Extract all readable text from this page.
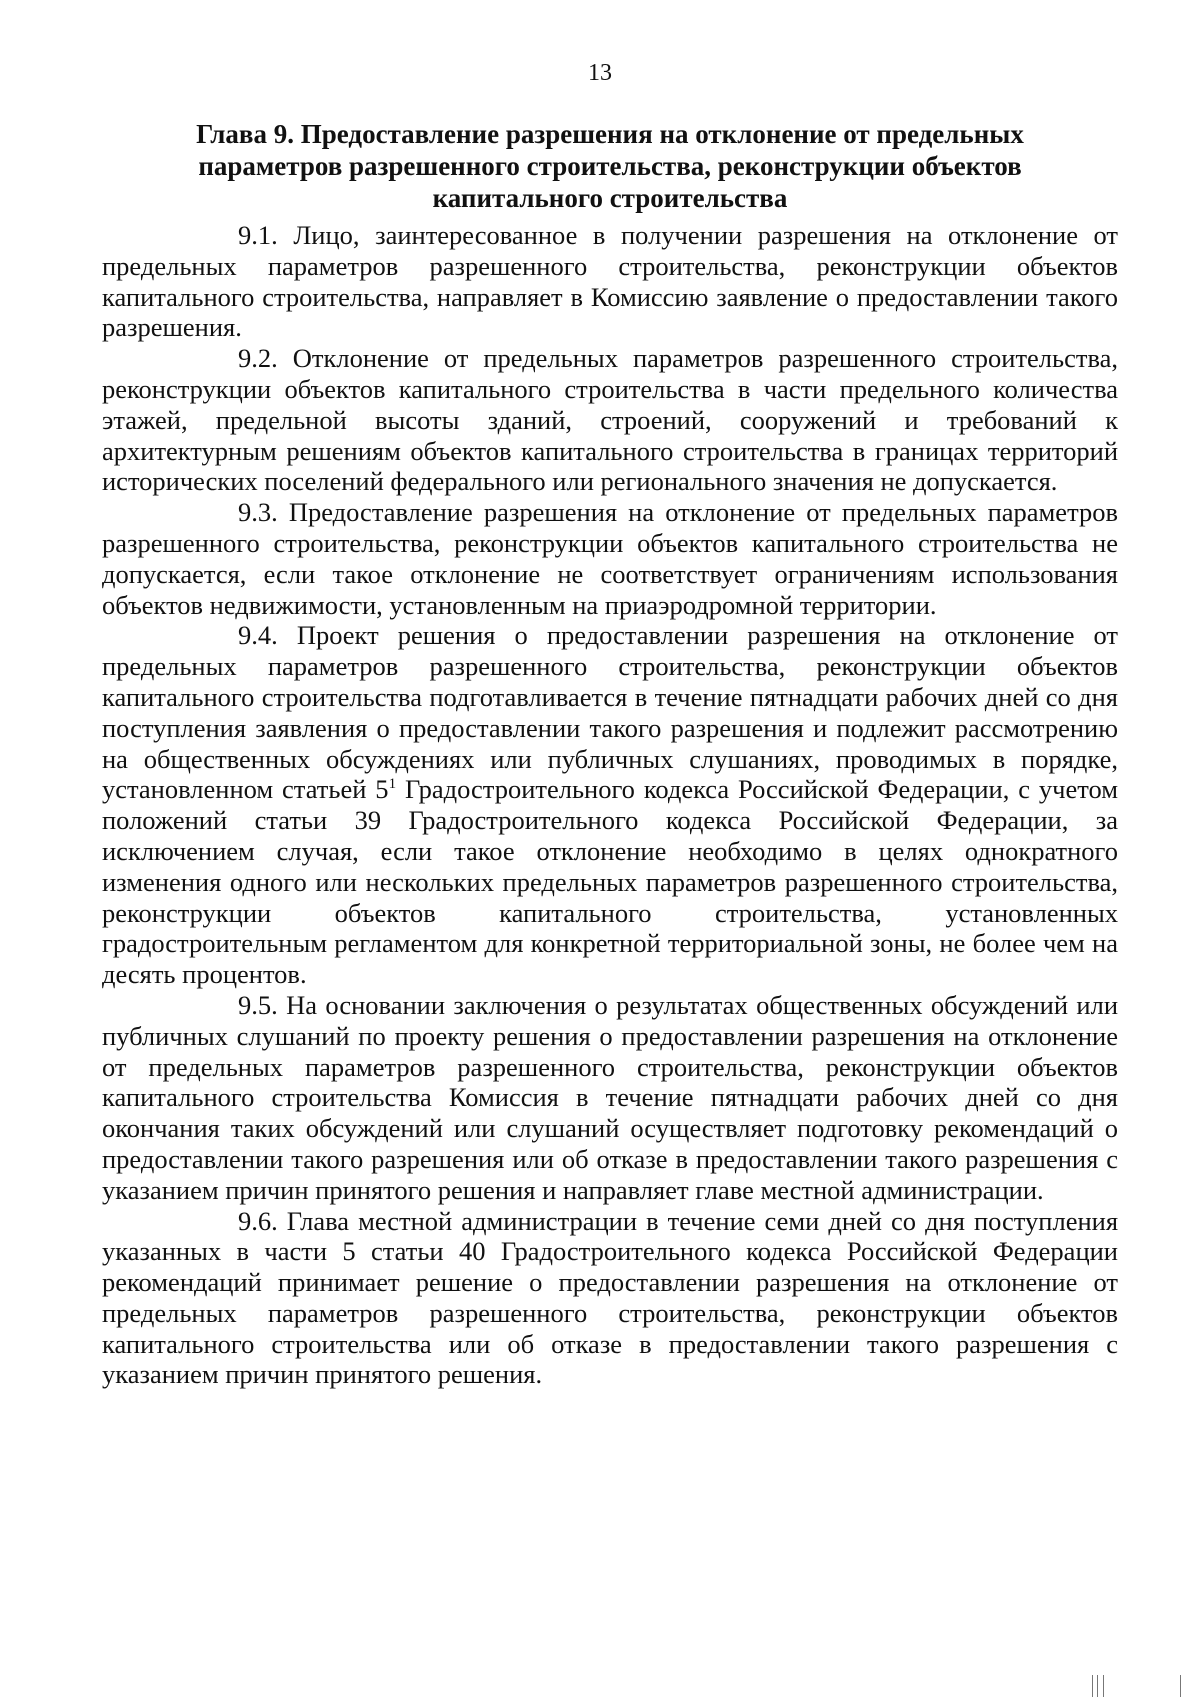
13
Глава 9. Предоставление разрешения на отклонение от предельных
параметров разрешенного строительства, реконструкции объектов
капитального строительства

9.1. Лицо, заинтересованное в получении разрешения на отклонение от предельных параметров разрешенного строительства, реконструкции объектов капитального строительства, направляет в Комиссию заявление о предоставлении такого разрешения.

9.2. Отклонение от предельных параметров разрешенного строительства, реконструкции объектов капитального строительства в части предельного количества этажей, предельной высоты зданий, строений, сооружений и требований к архитектурным решениям объектов капитального строительства в границах территорий исторических поселений федерального или регионального значения не допускается.

9.3. Предоставление разрешения на отклонение от предельных параметров разрешенного строительства, реконструкции объектов капитального строительства не допускается, если такое отклонение не соответствует ограничениям использования объектов недвижимости, установленным на приаэродромной территории.

9.4. Проект решения о предоставлении разрешения на отклонение от предельных параметров разрешенного строительства, реконструкции объектов капитального строительства подготавливается в течение пятнадцати рабочих дней со дня поступления заявления о предоставлении такого разрешения и подлежит рассмотрению на общественных обсуждениях или публичных слушаниях, проводимых в порядке, установленном статьей $5^1$ Градостроительного кодекса Российской Федерации, с учетом положений статьи 39 Градостроительного кодекса Российской Федерации, за исключением случая, если такое отклонение необходимо в целях однократного изменения одного или нескольких предельных параметров разрешенного строительства, реконструкции объектов капитального строительства, установленных градостроительным регламентом для конкретной территориальной зоны, не более чем на десять процентов.

9.5. На основании заключения о результатах общественных обсуждений или публичных слушаний по проекту решения о предоставлении разрешения на отклонение от предельных параметров разрешенного строительства, реконструкции объектов капитального строительства Комиссия в течение пятнадцати рабочих дней со дня окончания таких обсуждений или слушаний осуществляет подготовку рекомендаций о предоставлении такого разрешения или об отказе в предоставлении такого разрешения с указанием причин принятого решения и направляет главе местной администрации.

9.6. Глава местной администрации в течение семи дней со дня поступления указанных в части 5 статьи 40 Градостроительного кодекса Российской Федерации рекомендаций принимает решение о предоставлении разрешения на отклонение от предельных параметров разрешенного строительства, реконструкции объектов капитального строительства или об отказе в предоставлении такого разрешения с указанием причин принятого решения.
